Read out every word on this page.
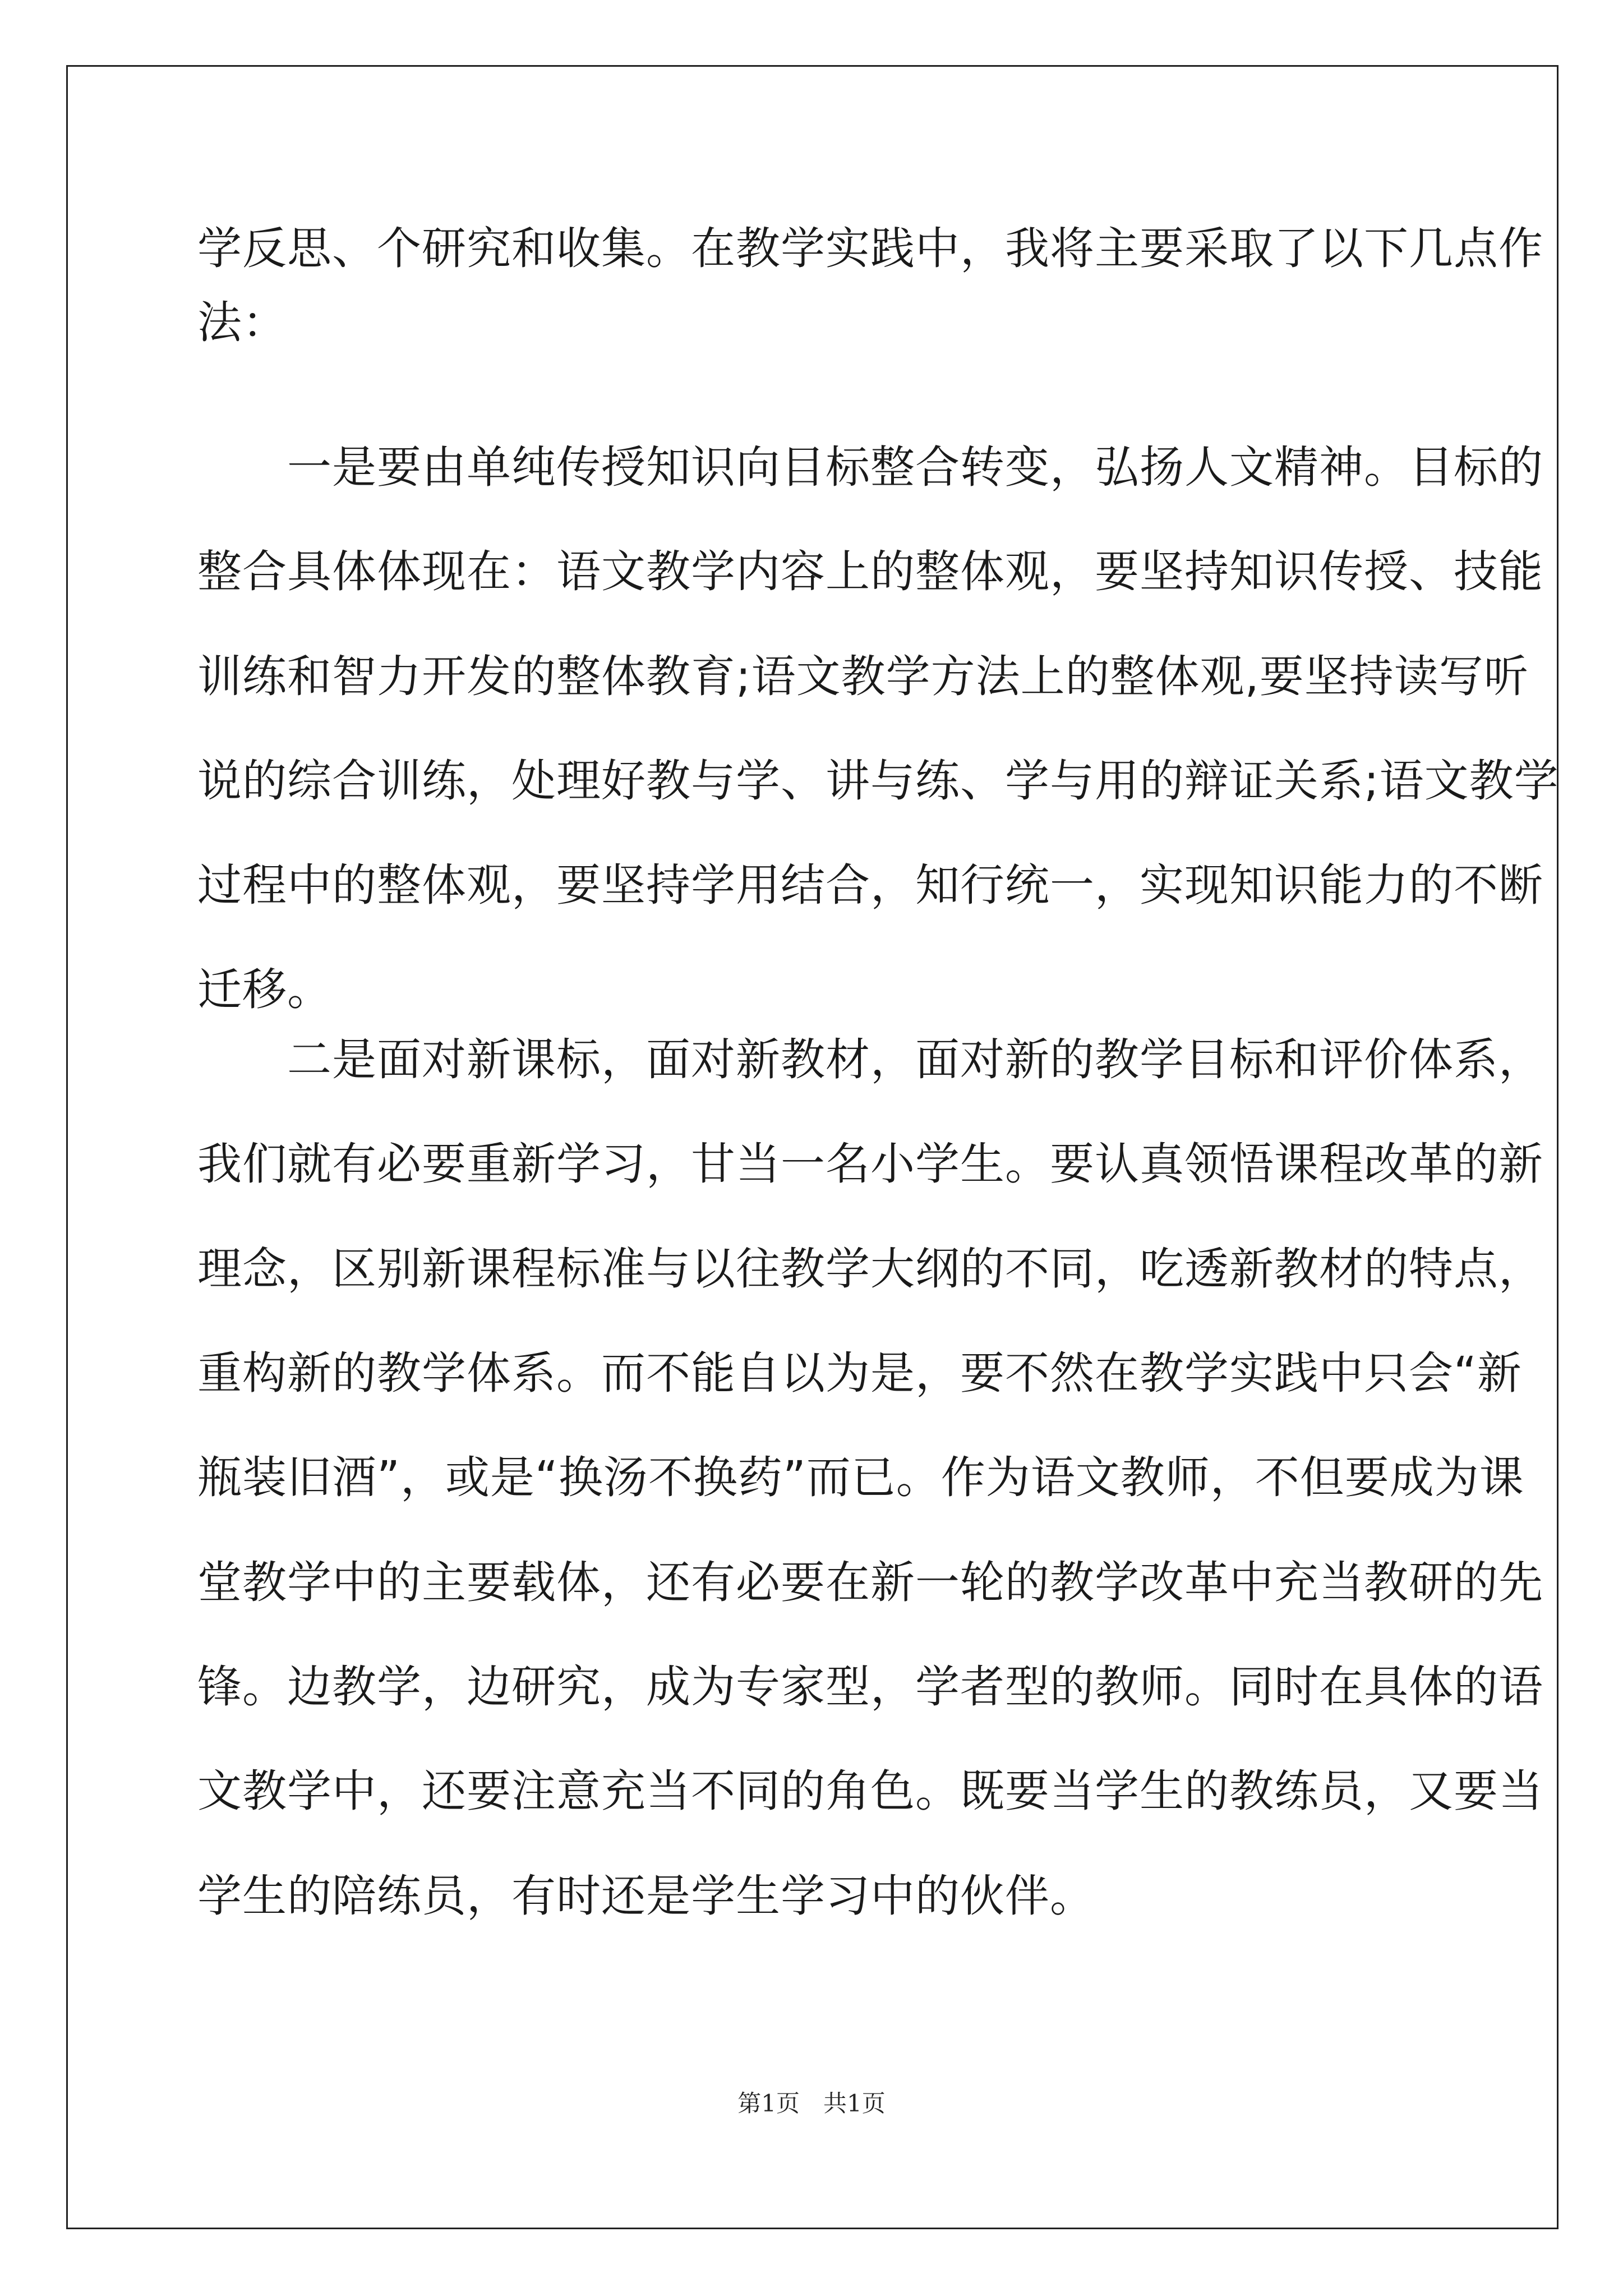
学反思、个研究和收集。在教学实践中，我将主要采取了以下几点作
法：
　　一是要由单纯传授知识向目标整合转变，弘扬人文精神。目标的
整合具体体现在：语文教学内容上的整体观，要坚持知识传授、技能
训练和智力开发的整体教育;语文教学方法上的整体观,要坚持读写听
说的综合训练，处理好教与学、讲与练、学与用的辩证关系;语文教学
过程中的整体观，要坚持学用结合，知行统一，实现知识能力的不断
迁移。
　　二是面对新课标，面对新教材，面对新的教学目标和评价体系，
我们就有必要重新学习，甘当一名小学生。要认真领悟课程改革的新
理念，区别新课程标准与以往教学大纲的不同，吃透新教材的特点，
重构新的教学体系。而不能自以为是，要不然在教学实践中只会“新
瓶装旧酒”，或是“换汤不换药”而已。作为语文教师，不但要成为课
堂教学中的主要载体，还有必要在新一轮的教学改革中充当教研的先
锋。边教学，边研究，成为专家型，学者型的教师。同时在具体的语
文教学中，还要注意充当不同的角色。既要当学生的教练员，又要当
学生的陪练员，有时还是学生学习中的伙伴。
第1页　共1页
